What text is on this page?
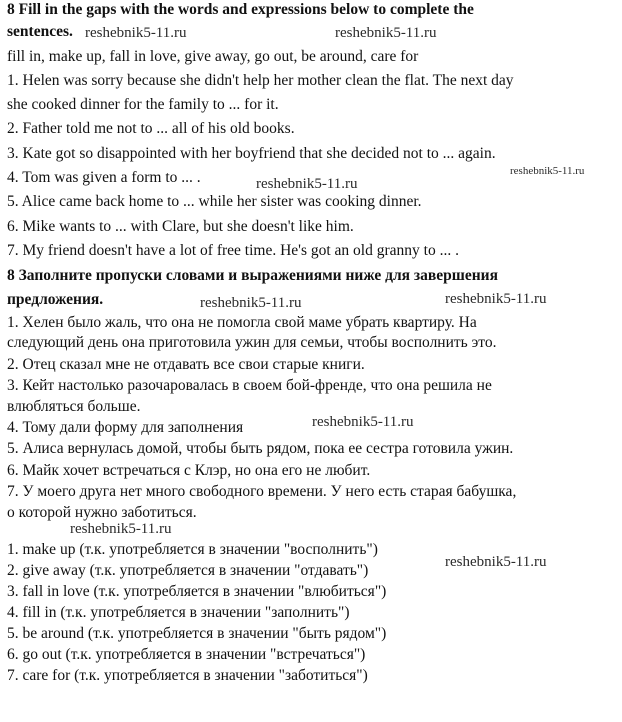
8 Fill in the gaps with the words and expressions below to complete the
sentences.
fill in, make up, fall in love, give away, go out, be around, care for
1. Helen was sorry because she didn't help her mother clean the flat. The next day
she cooked dinner for the family to ... for it.
2. Father told me not to ... all of his old books.
3. Kate got so disappointed with her boyfriend that she decided not to ... again.
4. Tom was given a form to ... .
5. Alice came back home to ... while her sister was cooking dinner.
6. Mike wants to ... with Clare, but she doesn't like him.
7. My friend doesn't have a lot of free time. He's got an old granny to ... .
8 Заполните пропуски словами и выражениями ниже для завершения
предложения.
1. Хелен было жаль, что она не помогла свой маме убрать квартиру. На
следующий день она приготовила ужин для семьи, чтобы восполнить это.
2. Отец сказал мне не отдавать все свои старые книги.
3. Кейт настолько разочаровалась в своем бой-френде, что она решила не
влюбляться больше.
4. Тому дали форму для заполнения
5. Алиса вернулась домой, чтобы быть рядом, пока ее сестра готовила ужин.
6. Майк хочет встречаться с Клэр, но она его не любит.
7. У моего друга нет много свободного времени. У него есть старая бабушка,
о которой нужно заботиться.
1. make up (т.к. употребляется в значении "восполнить")
2. give away (т.к. употребляется в значении "отдавать")
3. fall in love (т.к. употребляется в значении "влюбиться")
4. fill in (т.к. употребляется в значении "заполнить")
5. be around (т.к. употребляется в значении "быть рядом")
6. go out (т.к. употребляется в значении "встречаться")
7. care for (т.к. употребляется в значении "заботиться")
reshebnik5-11.ru	reshebnik5-11.ru
reshebnik5-11.ru
reshebnik5-11.ru
reshebnik5-11.ru	reshebnik5-11.ru
reshebnik5-11.ru
reshebnik5-11.ru
reshebnik5-11.ru
